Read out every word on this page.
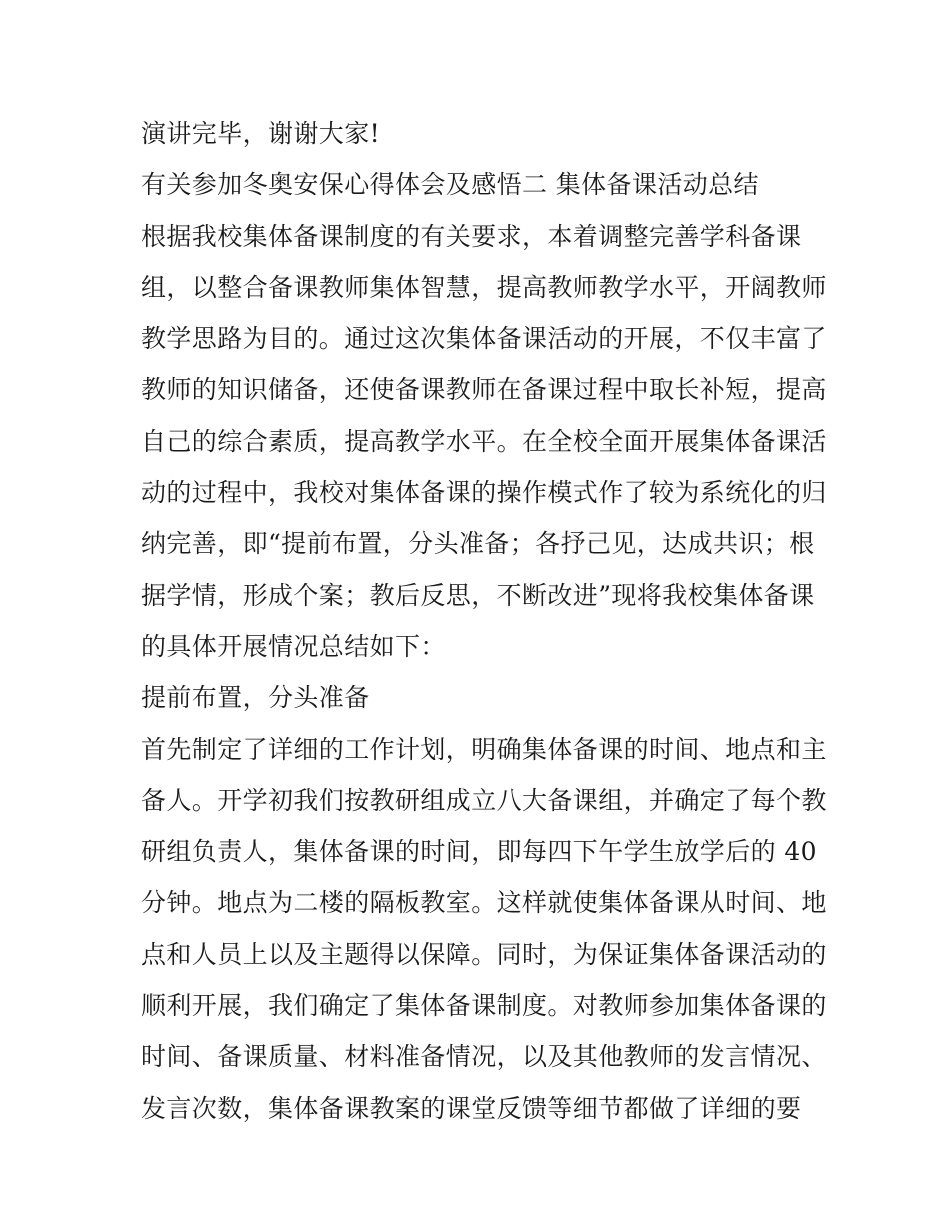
演讲完毕，谢谢大家!
有关参加冬奥安保心得体会及感悟二 集体备课活动总结
根据我校集体备课制度的有关要求，本着调整完善学科备课
组，以整合备课教师集体智慧，提高教师教学水平，开阔教师
教学思路为目的。通过这次集体备课活动的开展，不仅丰富了
教师的知识储备，还使备课教师在备课过程中取长补短，提高
自己的综合素质，提高教学水平。在全校全面开展集体备课活
动的过程中，我校对集体备课的操作模式作了较为系统化的归
纳完善，即“提前布置，分头准备；各抒己见，达成共识；根
据学情，形成个案；教后反思，不断改进”现将我校集体备课
的具体开展情况总结如下：
提前布置，分头准备
首先制定了详细的工作计划，明确集体备课的时间、地点和主
备人。开学初我们按教研组成立八大备课组，并确定了每个教
研组负责人，集体备课的时间，即每四下午学生放学后的 40
分钟。地点为二楼的隔板教室。这样就使集体备课从时间、地
点和人员上以及主题得以保障。同时，为保证集体备课活动的
顺利开展，我们确定了集体备课制度。对教师参加集体备课的
时间、备课质量、材料准备情况，以及其他教师的发言情况、
发言次数，集体备课教案的课堂反馈等细节都做了详细的要
